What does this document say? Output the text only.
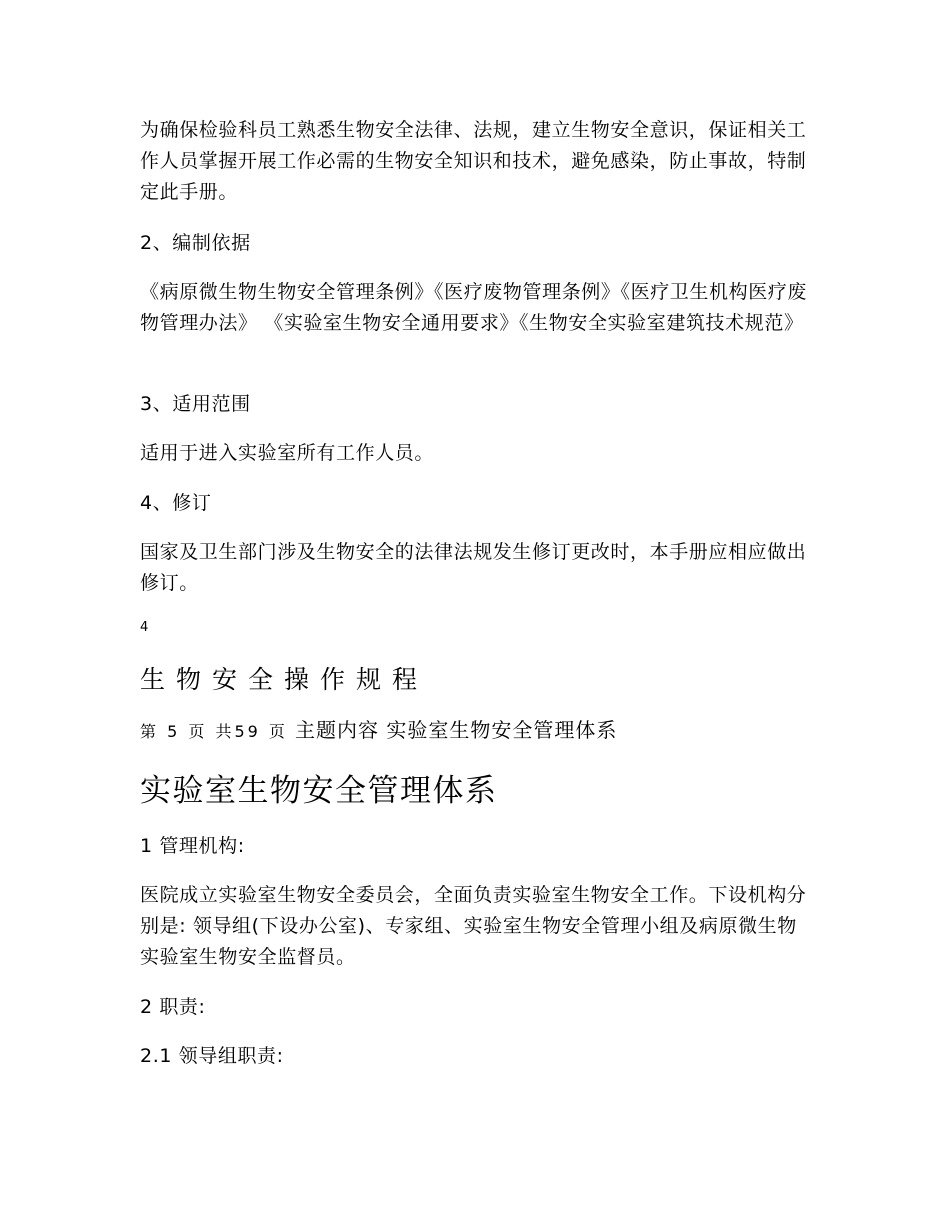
为确保检验科员工熟悉生物安全法律、法规，建立生物安全意识，保证相关工作人员掌握开展工作必需的生物安全知识和技术，避免感染，防止事故，特制定此手册。

2、编制依据

《病原微生物生物安全管理条例》《医疗废物管理条例》《医疗卫生机构医疗废物管理办法》 《实验室生物安全通用要求》《生物安全实验室建筑技术规范》

3、适用范围

适用于进入实验室所有工作人员。

4、修订

国家及卫生部门涉及生物安全的法律法规发生修订更改时，本手册应相应做出修订。

4

生物安全操作规程

第 5 页 共59 页 主题内容 实验室生物安全管理体系

实验室生物安全管理体系

1 管理机构:

医院成立实验室生物安全委员会，全面负责实验室生物安全工作。下设机构分别是: 领导组(下设办公室)、专家组、实验室生物安全管理小组及病原微生物实验室生物安全监督员。

2 职责:

2.1 领导组职责:
